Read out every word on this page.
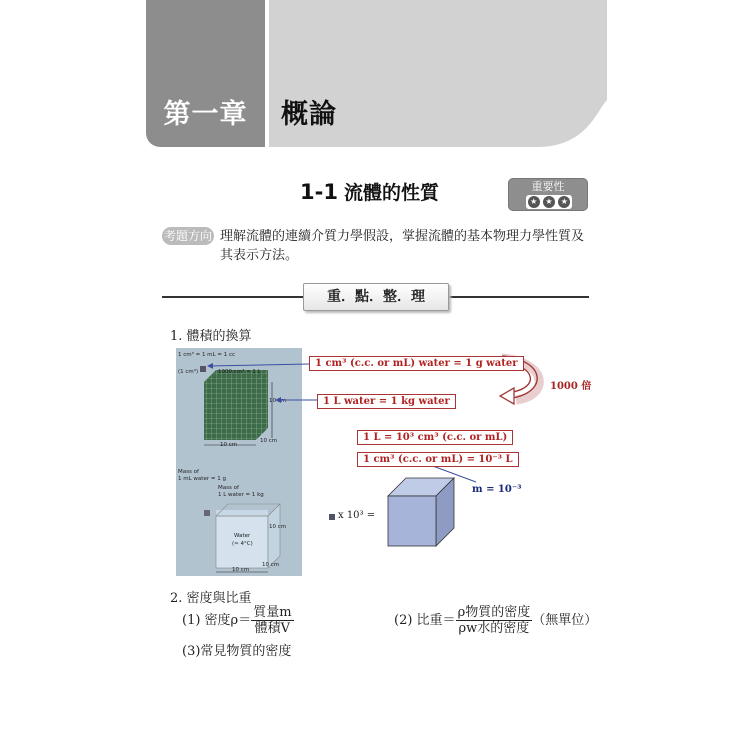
第一章	概論
1-1 流體的性質	重要性
★	★	★
考題方向 理解流體的連續介質力學假設，掌握流體的基本物理力學性質及其表示方法。
重．點．整．理
1. 體積的換算
1 cm³ = 1 mL = 1 cc
(1 cm³)	1000 cm³ = 1 L
10 cm
10 cm
10 cm
Mass of
1 mL water = 1 g
Mass of
1 L water = 1 kg
Water
(≈ 4°C)
10 cm
10 cm
10 cm
1 cm³ (c.c. or mL) water = 1 g water
1 L water = 1 kg water
1 L = 10³ cm³ (c.c. or mL)
1 cm³ (c.c. or mL) = 10⁻³ L
1000 倍
m = 10⁻³
x 10³ =
2. 密度與比重
(1) 密度$\rho= \frac{\text{質量m}}{\text{體積V}}$	(2) 比重＝ $\frac{\text{ρ物質的密度}}{\text{ρw水的密度}}$ （無單位）
(3)常見物質的密度
